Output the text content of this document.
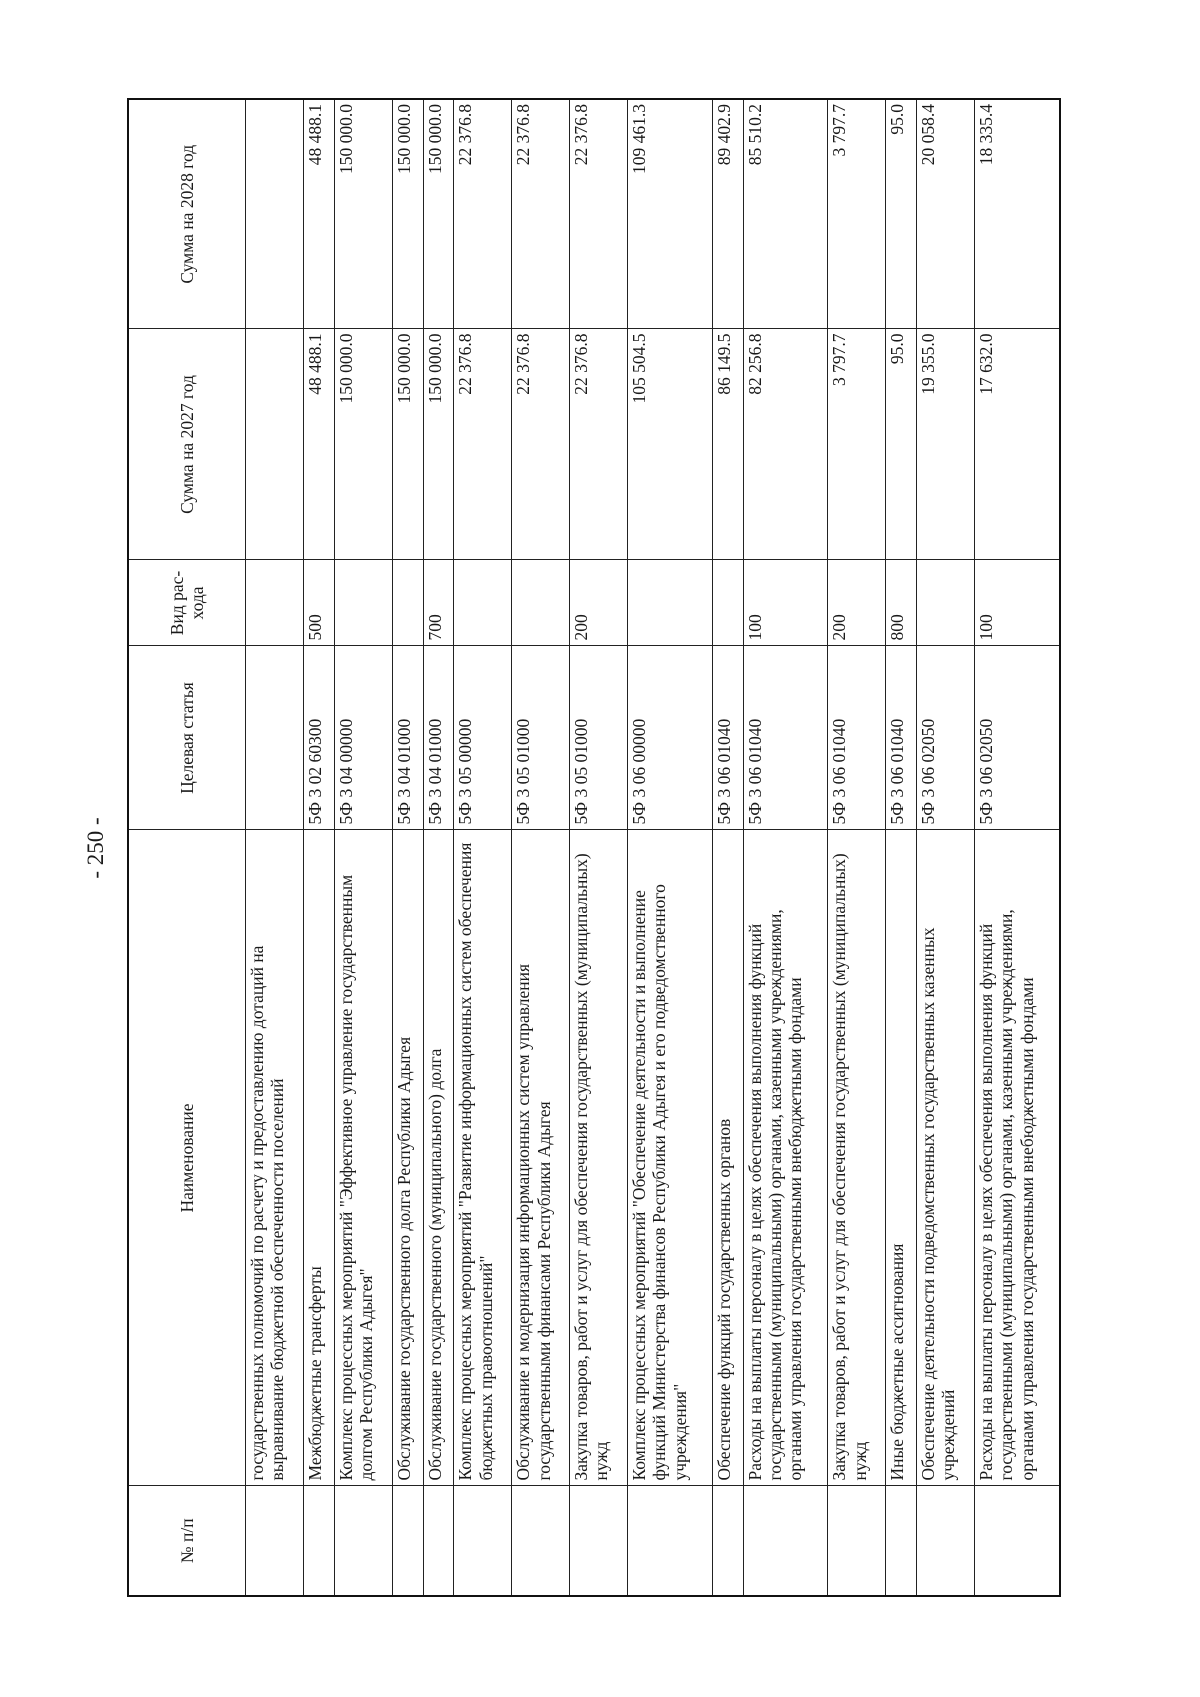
- 250 -
№ п/п	Наименование	Целевая статья	Вид рас-хода	Сумма на 2027 год	Сумма на 2028 год
	государственных полномочий по расчету и предоставлению дотаций на выравнивание бюджетной обеспеченности поселений				
	Межбюджетные трансферты	5Ф 3 02 60300	500	48 488.1	48 488.1
	Комплекс процессных мероприятий "Эффективное управление государственным долгом Республики Адыгея"	5Ф 3 04 00000		150 000.0	150 000.0
	Обслуживание государственного долга Республики Адыгея	5Ф 3 04 01000		150 000.0	150 000.0
	Обслуживание государственного (муниципального) долга	5Ф 3 04 01000	700	150 000.0	150 000.0
	Комплекс процессных мероприятий "Развитие информационных систем обеспечения бюджетных правоотношений"	5Ф 3 05 00000		22 376.8	22 376.8
	Обслуживание и модернизация информационных систем управления государственными финансами Республики Адыгея	5Ф 3 05 01000		22 376.8	22 376.8
	Закупка товаров, работ и услуг для обеспечения государственных (муниципальных) нужд	5Ф 3 05 01000	200	22 376.8	22 376.8
	Комплекс процессных мероприятий "Обеспечение деятельности и выполнение функций Министерства финансов Республики Адыгея и его подведомственного учреждения"	5Ф 3 06 00000		105 504.5	109 461.3
	Обеспечение функций государственных органов	5Ф 3 06 01040		86 149.5	89 402.9
	Расходы на выплаты персоналу в целях обеспечения выполнения функций государственными (муниципальными) органами, казенными учреждениями, органами управления государственными внебюджетными фондами	5Ф 3 06 01040	100	82 256.8	85 510.2
	Закупка товаров, работ и услуг для обеспечения государственных (муниципальных) нужд	5Ф 3 06 01040	200	3 797.7	3 797.7
	Иные бюджетные ассигнования	5Ф 3 06 01040	800	95.0	95.0
	Обеспечение деятельности подведомственных государственных казенных учреждений	5Ф 3 06 02050		19 355.0	20 058.4
	Расходы на выплаты персоналу в целях обеспечения выполнения функций государственными (муниципальными) органами, казенными учреждениями, органами управления государственными внебюджетными фондами	5Ф 3 06 02050	100	17 632.0	18 335.4
